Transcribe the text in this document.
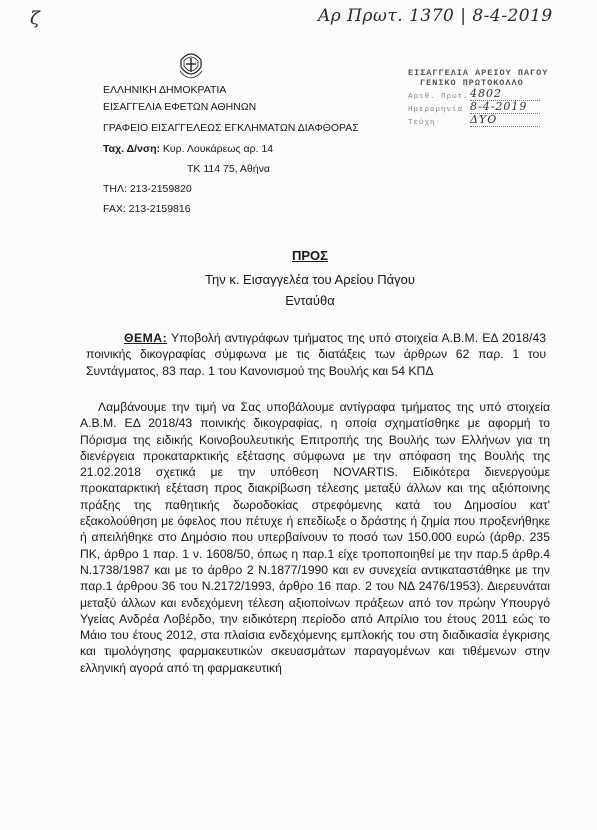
ζ	Αρ Πρωτ. 1370 | 8-4-2019
ΕΛΛΗΝΙΚΗ ΔΗΜΟΚΡΑΤΙΑ
ΕΙΣΑΓΓΕΛΙΑ ΕΦΕΤΩΝ ΑΘΗΝΩΝ
ΓΡΑΦΕΙΟ ΕΙΣΑΓΓΕΛΕΩΣ ΕΓΚΛΗΜΑΤΩΝ ΔΙΑΦΘΟΡΑΣ
Ταχ. Δ/νση: Κυρ. Λουκάρεως αρ. 14
ΤΚ 114 75, Αθήνα
ΤΗΛ: 213-2159820
FAX: 213-2159816
ΕΙΣΑΓΓΕΛΙΑ ΑΡΕΙΟΥ ΠΑΓΟΥ
ΓΕΝΙΚΟ ΠΡΩΤΟΚΟΛΛΟ
Αριθ. Πρωτ. 4802
Ημερομηνία 8-4-2019
Τεύχη	ΔΥΟ
ΠΡΟΣ
Την κ. Εισαγγελέα του Αρείου Πάγου
Ενταύθα
ΘΕΜΑ: Υποβολή αντιγράφων τμήματος της υπό στοιχεία Α.Β.Μ. ΕΔ 2018/43 ποινικής δικογραφίας σύμφωνα με τις διατάξεις των άρθρων 62 παρ. 1 του Συντάγματος, 83 παρ. 1 του Κανονισμού της Βουλής και 54 ΚΠΔ

Λαμβάνουμε την τιμή να Σας υποβάλουμε αντίγραφα τμήματος της υπό στοιχεία Α.Β.Μ. ΕΔ 2018/43 ποινικής δικογραφίας, η οποία σχηματίσθηκε με αφορμή το Πόρισμα της ειδικής Κοινοβουλευτικής Επιτροπής της Βουλής των Ελλήνων για τη διενέργεια προκαταρκτικής εξέτασης σύμφωνα με την απόφαση της Βουλής της 21.02.2018 σχετικά με την υπόθεση NOVARTIS. Ειδικότερα διενεργούμε προκαταρκτική εξέταση προς διακρίβωση τέλεσης μεταξύ άλλων και της αξιόποινης πράξης της παθητικής δωροδοκίας στρεφόμενης κατά του Δημοσίου κατ' εξακολούθηση με όφελος που πέτυχε ή επεδίωξε ο δράστης ή ζημία που προξενήθηκε ή απειλήθηκε στο Δημόσιο που υπερβαίνουν το ποσό των 150.000 ευρώ (άρθρ. 235 ΠΚ, άρθρο 1 παρ. 1 ν. 1608/50, όπως η παρ.1 είχε τροποποιηθεί με την παρ.5 άρθρ.4 Ν.1738/1987 και με το άρθρο 2 Ν.1877/1990 και εν συνεχεία αντικαταστάθηκε με την παρ.1 άρθρου 36 του Ν.2172/1993, άρθρο 16 παρ. 2 του ΝΔ 2476/1953). Διερευνάται μεταξύ άλλων και ενδεχόμενη τέλεση αξιοποίνων πράξεων από τον πρώην Υπουργό Υγείας Ανδρέα Λοβέρδο, την ειδικότερη περίοδο από Απρίλιο του έτους 2011 εώς το Μάιο του έτους 2012, στα πλαίσια ενδεχόμενης εμπλοκής του στη διαδικασία έγκρισης και τιμολόγησης φαρμακευτικών σκευασμάτων παραγομένων και τιθέμενων στην ελληνική αγορά από τη φαρμακευτική
